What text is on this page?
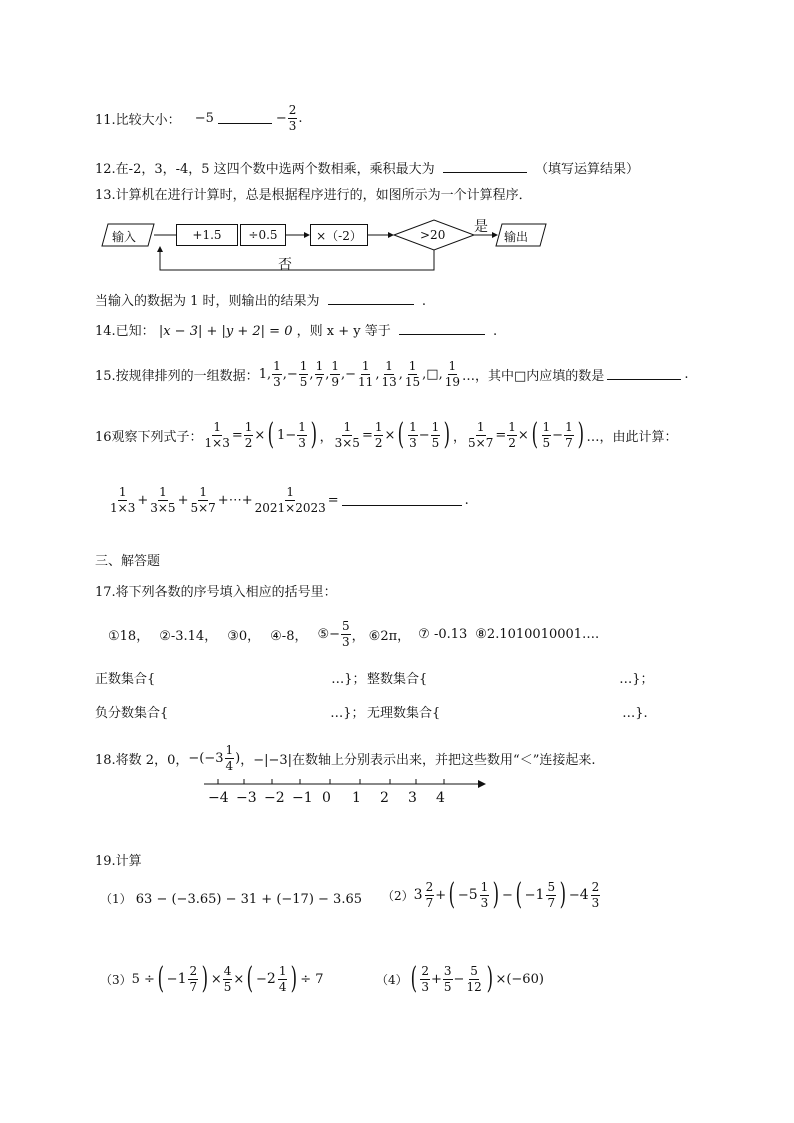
11.比较大小： −5	− $\frac{2}{3}$ .
12.在-2，3，-4，5 这四个数中选两个数相乘，乘积最大为	（填写运算结果）
13.计算机在进行计算时，总是根据程序进行的，如图所示为一个计算程序．
输入	+1.5 ÷0.5	×（-2）	>20 是
输出
否
当输入的数据为 1 时，则输出的结果为	.
14.已知： |x − 3| + |y + 2| = 0 ，则 x + y 等于	.
15.按规律排列的一组数据： 1, $\frac{1}{3}$ , − $\frac{1}{5}$ , $\frac{1}{7}$ , $\frac{1}{9}$ , − $\frac{1}{11}$ , $\frac{1}{13}$ , $\frac{1}{15}$ , □ , $\frac{1}{19}$ …，其中□内应填的数是	.
16观察下列式子： $\frac{1}{1\times 3} = \frac{1}{2}$ × ( $1 - \frac{1}{3}$ ) ， $\frac{1}{3\times 5} = \frac{1}{2}$ × ( $\frac{1}{3} - \frac{1}{5}$ ) ， $\frac{1}{5\times 7} = \frac{1}{2}$ × ( $\frac{1}{5} - \frac{1}{7}$ ) …，由此计算：
$\frac{1}{1\times 3} + \frac{1}{3\times 5} + \frac{1}{5\times 7}$ +⋯+ $\frac{1}{2021\times 2023}$ =	.
三、解答题
17.将下列各数的序号填入相应的括号里：
①18， ②-3.14， ③0， ④-8， ⑤− $\frac{5}{3}$ ， ⑥2π， ⑦ -0.13 ⑧2.1010010001….
正数集合{	…}； 整数集合{	…}；
负分数集合{	…}； 无理数集合{	…}.
18.将数 2，0， $-(-3 \frac{1}{4}$ ) ，−|−3| 在数轴上分别表示出来，并把这些数用“＜”连接起来.
−4 −3 −2 −1 0	1	2	3	4
19.计算
（1） 63 − (−3.65) − 31 + (−17) − 3.65 （2） $3 \frac{2}{7}$ + ( − $5 \frac{1}{3}$ ) − ( − $1 \frac{5}{7}$ ) − $4 \frac{2}{3}$
（3） 5 ÷ ( − $1 \frac{2}{7}$ ) × $\frac{4}{5}$ × ( − $2 \frac{1}{4}$ ) ÷ 7	（4） ( $\frac{2}{3} + \frac{3}{5} - \frac{5}{12}$ ) ×(−60)
